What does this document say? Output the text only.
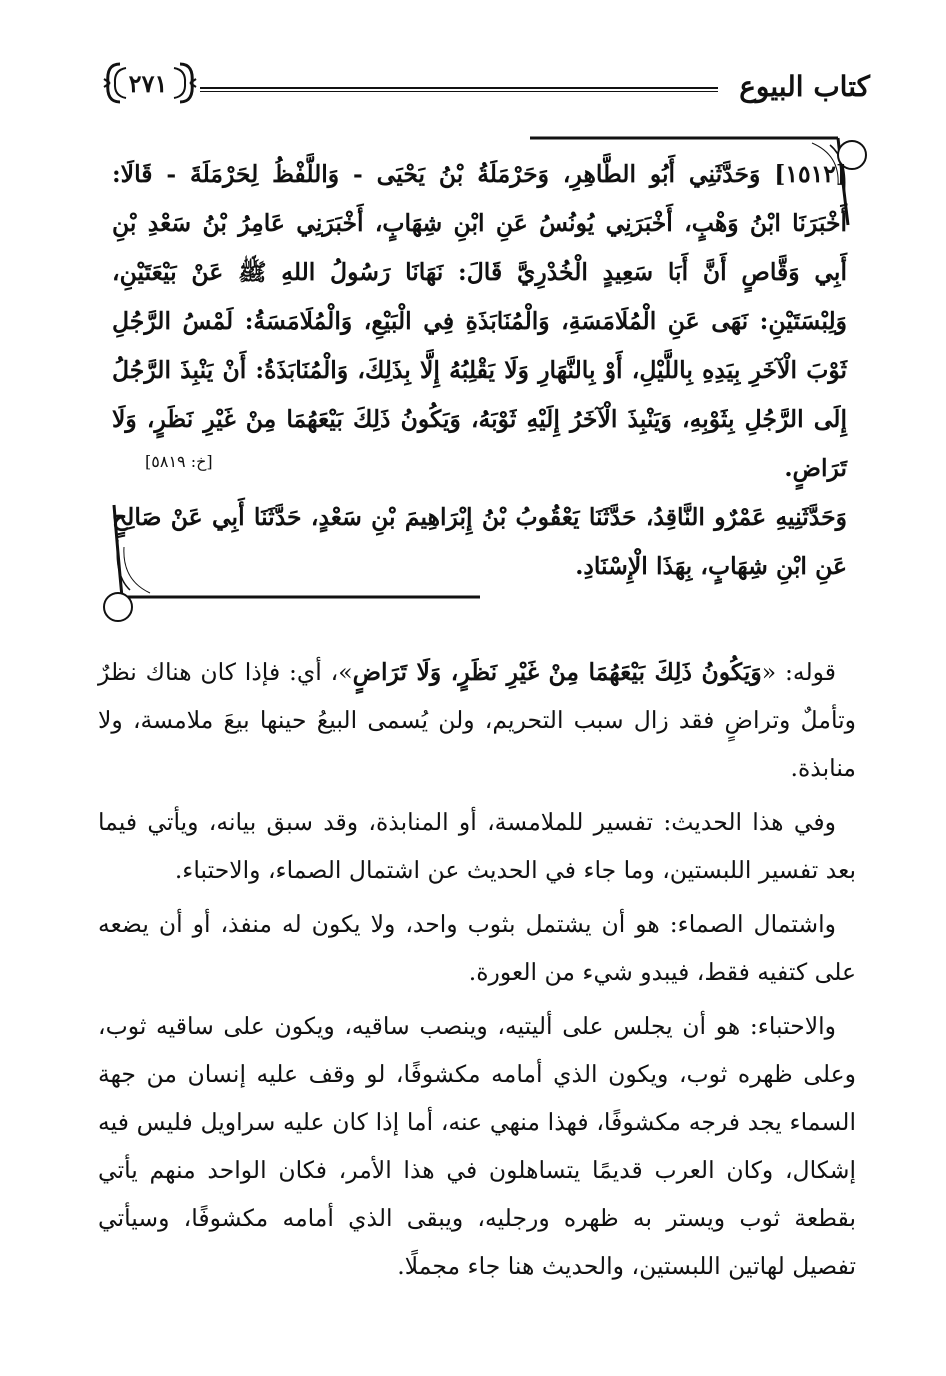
كتاب البيوع
٢٧١

[١٥١٢] وَحَدَّثَنِي أَبُو الطَّاهِرِ، وَحَرْمَلَةُ بْنُ يَحْيَى - وَاللَّفْظُ لِحَرْمَلَةَ - قَالَا: أَخْبَرَنَا ابْنُ وَهْبٍ، أَخْبَرَنِي يُونُسُ عَنِ ابْنِ شِهَابٍ، أَخْبَرَنِي عَامِرُ بْنُ سَعْدِ بْنِ أَبِي وَقَّاصٍ أَنَّ أَبَا سَعِيدٍ الْخُدْرِيَّ قَالَ: نَهَانَا رَسُولُ اللهِ ﷺ عَنْ بَيْعَتَيْنِ، وَلِبْسَتَيْنِ: نَهَى عَنِ الْمُلَامَسَةِ، وَالْمُنَابَذَةِ فِي الْبَيْعِ، وَالْمُلَامَسَةُ: لَمْسُ الرَّجُلِ ثَوْبَ الْآخَرِ بِيَدِهِ بِاللَّيْلِ، أَوْ بِالنَّهَارِ وَلَا يَقْلِبُهُ إِلَّا بِذَلِكَ، وَالْمُنَابَذَةُ: أَنْ يَنْبِذَ الرَّجُلُ إِلَى الرَّجُلِ بِثَوْبِهِ، وَيَنْبِذَ الْآخَرُ إِلَيْهِ ثَوْبَهُ، وَيَكُونُ ذَلِكَ بَيْعَهُمَا مِنْ غَيْرِ نَظَرٍ، وَلَا تَرَاضٍ.

وَحَدَّثَنِيهِ عَمْرٌو النَّاقِدُ، حَدَّثَنَا يَعْقُوبُ بْنُ إِبْرَاهِيمَ بْنِ سَعْدٍ، حَدَّثَنَا أَبِي عَنْ صَالِحٍ عَنِ ابْنِ شِهَابٍ، بِهَذَا الْإِسْنَادِ.

[خ: ٥٨١٩]

قوله: «وَيَكُونُ ذَلِكَ بَيْعَهُمَا مِنْ غَيْرِ نَظَرٍ، وَلَا تَرَاضٍ»، أي: فإذا كان هناك نظرٌ وتأملٌ وتراضٍ فقد زال سبب التحريم، ولن يُسمى البيعُ حينها بيعَ ملامسة، ولا منابذة.

وفي هذا الحديث: تفسير للملامسة، أو المنابذة، وقد سبق بيانه، ويأتي فيما بعد تفسير اللبستين، وما جاء في الحديث عن اشتمال الصماء، والاحتباء.

واشتمال الصماء: هو أن يشتمل بثوب واحد، ولا يكون له منفذ، أو أن يضعه على كتفيه فقط، فيبدو شيء من العورة.

والاحتباء: هو أن يجلس على أليتيه، وينصب ساقيه، ويكون على ساقيه ثوب، وعلى ظهره ثوب، ويكون الذي أمامه مكشوفًا، لو وقف عليه إنسان من جهة السماء يجد فرجه مكشوفًا، فهذا منهي عنه، أما إذا كان عليه سراويل فليس فيه إشكال، وكان العرب قديمًا يتساهلون في هذا الأمر، فكان الواحد منهم يأتي بقطعة ثوب ويستر به ظهره ورجليه، ويبقى الذي أمامه مكشوفًا، وسيأتي تفصيل لهاتين اللبستين، والحديث هنا جاء مجملًا.
